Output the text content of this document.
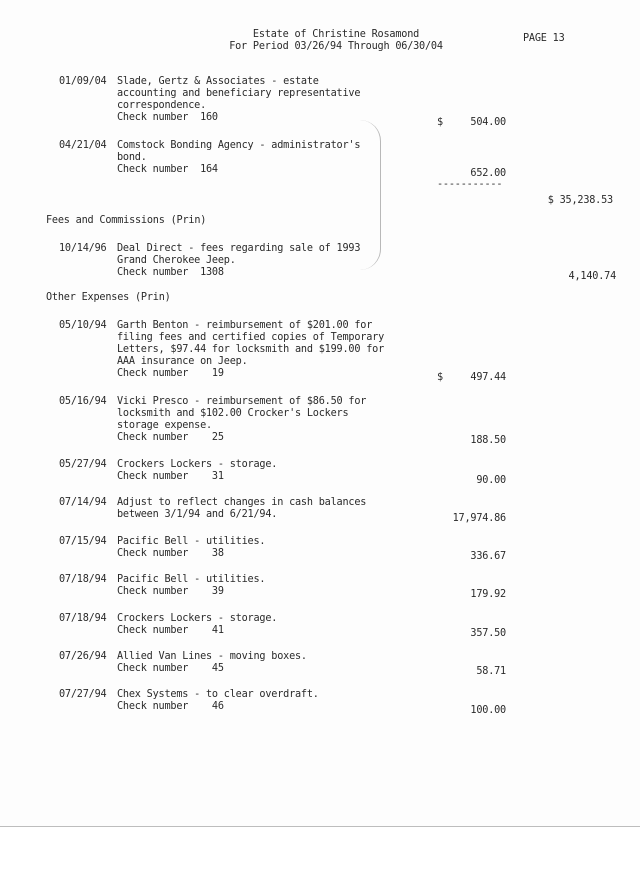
Estate of Christine Rosamond
For Period 03/26/94 Through 06/30/04
PAGE 13
01/09/04 Slade, Gertz & Associates - estate
accounting and beneficiary representative
correspondence.
Check number  160	$	504.00
04/21/04 Comstock Bonding Agency - administrator's
bond.
Check number  164	652.00
-----------
$ 35,238.53
Fees and Commissions (Prin)
10/14/96 Deal Direct - fees regarding sale of 1993
Grand Cherokee Jeep.
Check number  1308	4,140.74
Other Expenses (Prin)
05/10/94 Garth Benton - reimbursement of $201.00 for
filing fees and certified copies of Temporary
Letters, $97.44 for locksmith and $199.00 for
AAA insurance on Jeep.
Check number    19	$	497.44
05/16/94 Vicki Presco - reimbursement of $86.50 for
locksmith and $102.00 Crocker's Lockers
storage expense.
Check number    25	188.50
05/27/94 Crockers Lockers - storage.
Check number    31	90.00
07/14/94 Adjust to reflect changes in cash balances
between 3/1/94 and 6/21/94.	17,974.86
07/15/94 Pacific Bell - utilities.
Check number    38	336.67
07/18/94 Pacific Bell - utilities.
Check number    39	179.92
07/18/94 Crockers Lockers - storage.
Check number    41	357.50
07/26/94 Allied Van Lines - moving boxes.
Check number    45	58.71
07/27/94 Chex Systems - to clear overdraft.
Check number    46	100.00
